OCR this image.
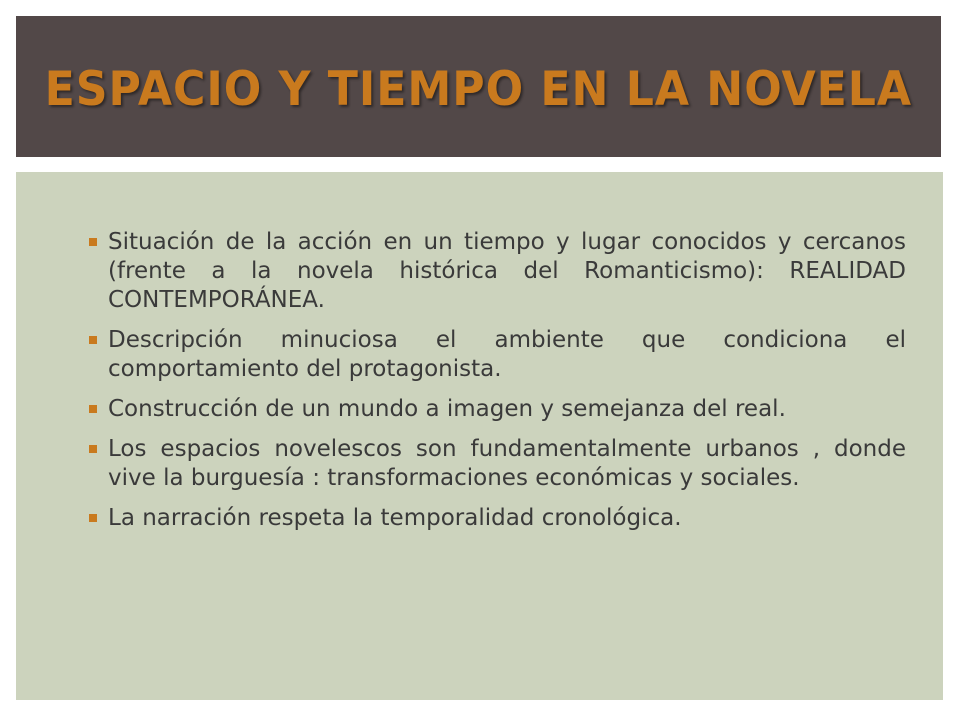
ESPACIO Y TIEMPO EN LA NOVELA
Situación de la acción en un tiempo y lugar conocidos y cercanos (frente a la novela histórica del Romanticismo): REALIDAD CONTEMPORÁNEA.
Descripción minuciosa el ambiente que condiciona el comportamiento del protagonista.
Construcción de un mundo a imagen y semejanza del real.
Los espacios novelescos son fundamentalmente urbanos , donde vive la burguesía : transformaciones económicas y sociales.
La narración respeta la temporalidad cronológica.
